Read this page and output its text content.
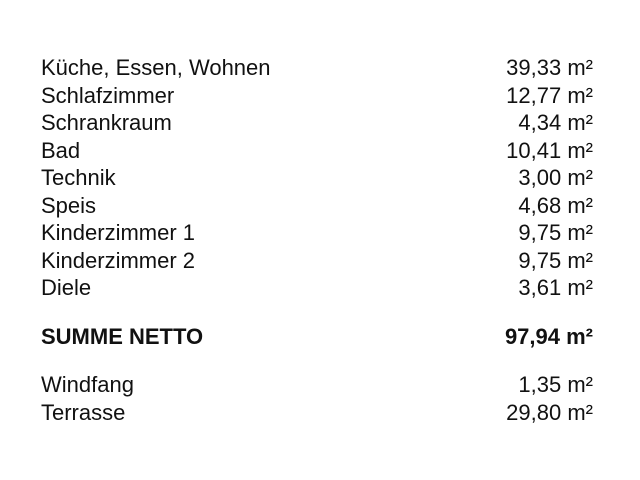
Küche, Essen, Wohnen	39,33 m²
Schlafzimmer	12,77 m²
Schrankraum	4,34 m²
Bad	10,41 m²
Technik	3,00 m²
Speis	4,68 m²
Kinderzimmer 1	9,75 m²
Kinderzimmer 2	9,75 m²
Diele	3,61 m²
SUMME NETTO	97,94 m²
Windfang	1,35 m²
Terrasse	29,80 m²
